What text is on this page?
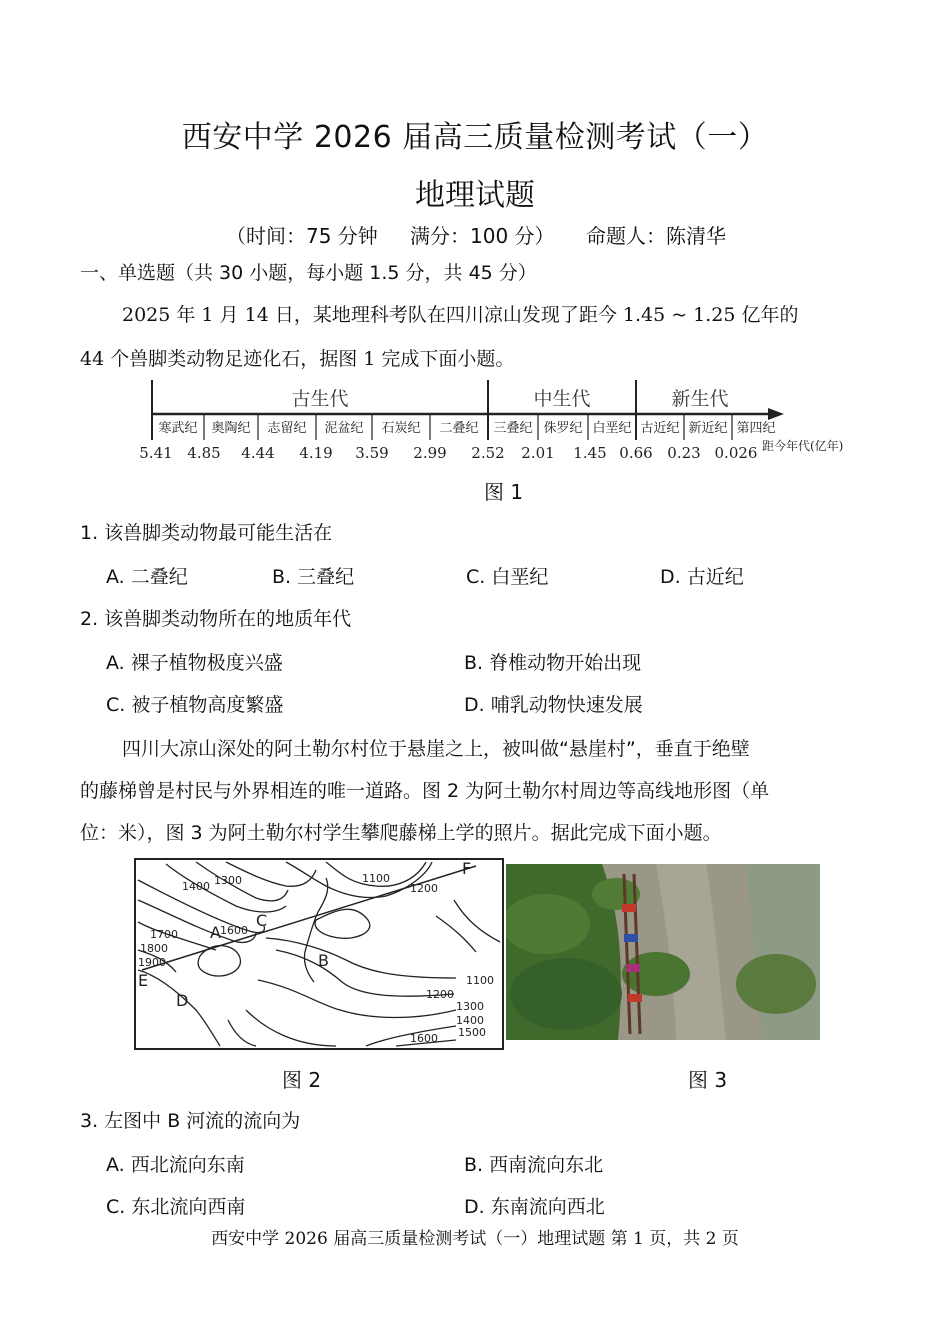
西安中学 2026 届高三质量检测考试（一）
地理试题
（时间：75 分钟 满分：100 分） 命题人：陈清华
一、单选题（共 30 小题，每小题 1.5 分，共 45 分）
2025 年 1 月 14 日，某地理科考队在四川凉山发现了距今 1.45 ~ 1.25 亿年的
44 个兽脚类动物足迹化石，据图 1 完成下面小题。
古生代	中生代	新生代
寒武纪 奥陶纪 志留纪 泥盆纪 石炭纪 二叠纪 三叠纪 侏罗纪 白垩纪 古近纪 新近纪 第四纪
5.41 4.85 4.44 4.19 3.59 2.99 2.52 2.01 1.45 0.66 0.23 0.026 距今年代(亿年)
图 1
1. 该兽脚类动物最可能生活在
A. 二叠纪	B. 三叠纪	C. 白垩纪	D. 古近纪
2. 该兽脚类动物所在的地质年代
A. 裸子植物极度兴盛	B. 脊椎动物开始出现
C. 被子植物高度繁盛	D. 哺乳动物快速发展
四川大凉山深处的阿土勒尔村位于悬崖之上，被叫做“悬崖村”，垂直于绝壁
的藤梯曾是村民与外界相连的唯一道路。图 2 为阿土勒尔村周边等高线地形图（单
位：米），图 3 为阿土勒尔村学生攀爬藤梯上学的照片。据此完成下面小题。
1400 1300
1600
1700
1800
1900
1100
1200
1100
1200
1300
1400
1500
1600
A
B
C
D
E
F
图 2	图 3
3. 左图中 B 河流的流向为
A. 西北流向东南	B. 西南流向东北
C. 东北流向西南	D. 东南流向西北
西安中学 2026 届高三质量检测考试（一）地理试题 第 1 页，共 2 页
